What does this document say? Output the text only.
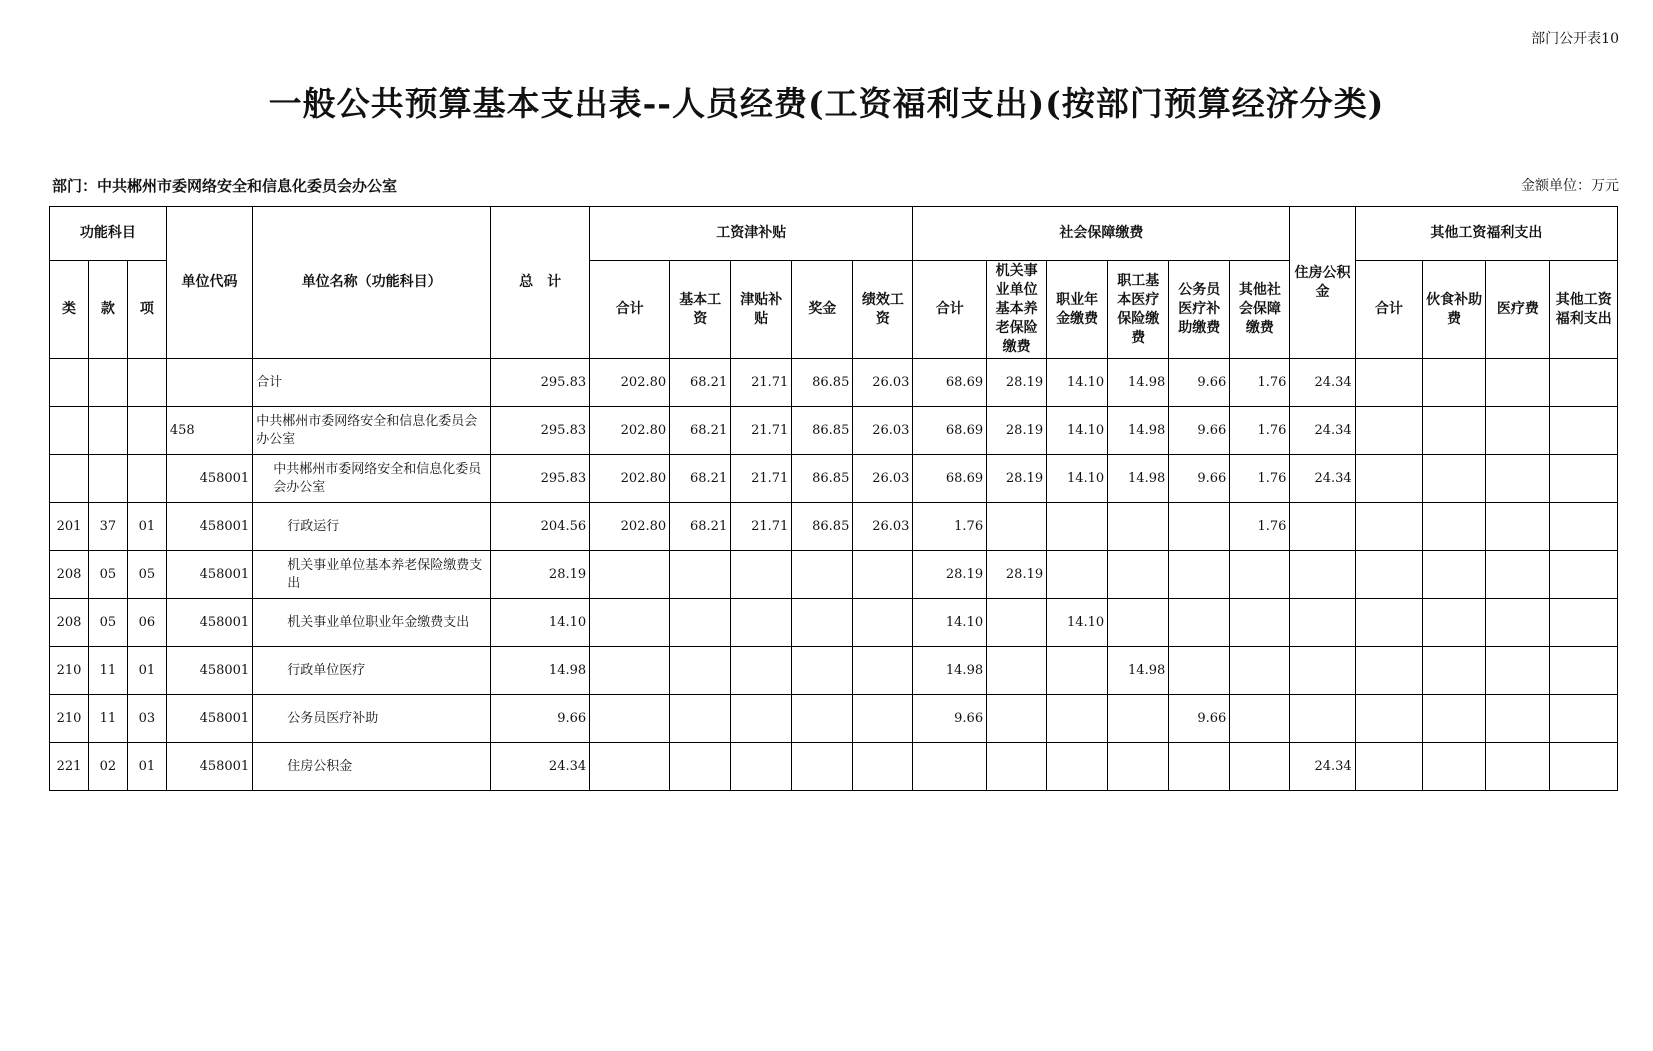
部门公开表10
一般公共预算基本支出表--人员经费(工资福利支出)(按部门预算经济分类)
部门：中共郴州市委网络安全和信息化委员会办公室	金额单位：万元
功能科目			单位代码	单位名称（功能科目）	总　计	工资津补贴					社会保障缴费						住房公积金	其他工资福利支出			
类	款	项				合计	基本工资	津贴补贴	奖金	绩效工资	合计	机关事业单位基本养老保险缴费	职业年金缴费	职工基本医疗保险缴费	公务员医疗补助缴费	其他社会保障缴费		合计	伙食补助费	医疗费	其他工资福利支出
				合计	295.83	202.80	68.21	21.71	86.85	26.03	68.69	28.19	14.10	14.98	9.66	1.76	24.34				
			458	中共郴州市委网络安全和信息化委员会办公室	295.83	202.80	68.21	21.71	86.85	26.03	68.69	28.19	14.10	14.98	9.66	1.76	24.34				
			458001	中共郴州市委网络安全和信息化委员会办公室	295.83	202.80	68.21	21.71	86.85	26.03	68.69	28.19	14.10	14.98	9.66	1.76	24.34				
201	37	01	458001	行政运行	204.56	202.80	68.21	21.71	86.85	26.03	1.76					1.76					
208	05	05	458001	机关事业单位基本养老保险缴费支出	28.19						28.19	28.19									
208	05	06	458001	机关事业单位职业年金缴费支出	14.10						14.10		14.10								
210	11	01	458001	行政单位医疗	14.98						14.98			14.98							
210	11	03	458001	公务员医疗补助	9.66						9.66				9.66						
221	02	01	458001	住房公积金	24.34												24.34				
